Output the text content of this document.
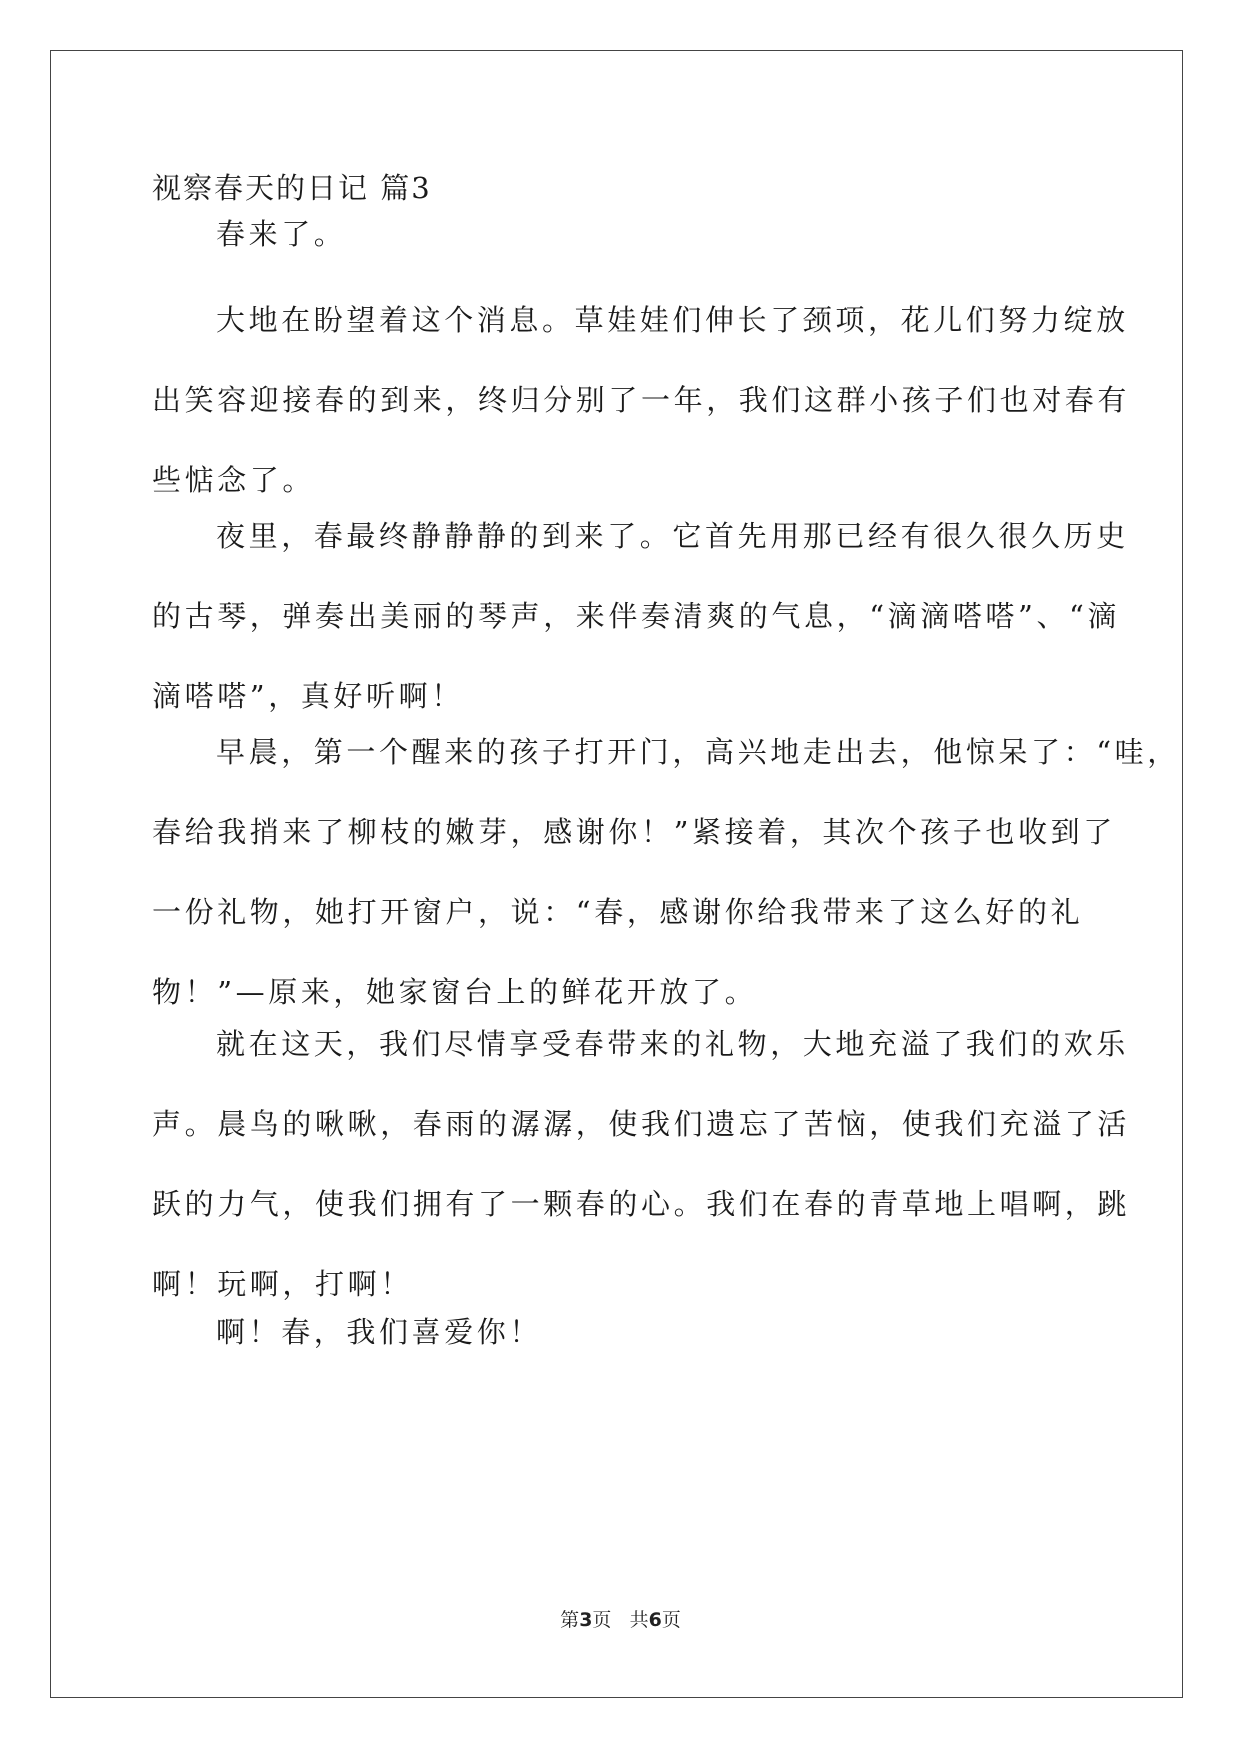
视察春天的日记 篇3

春来了。

大地在盼望着这个消息。草娃娃们伸长了颈项，花儿们努力绽放
出笑容迎接春的到来，终归分别了一年，我们这群小孩子们也对春有
些惦念了。

夜里，春最终静静静的到来了。它首先用那已经有很久很久历史
的古琴，弹奏出美丽的琴声，来伴奏清爽的气息，“滴滴嗒嗒”、“滴
滴嗒嗒”，真好听啊！

早晨，第一个醒来的孩子打开门，高兴地走出去，他惊呆了：“哇，
春给我捎来了柳枝的嫩芽，感谢你！”紧接着，其次个孩子也收到了
一份礼物，她打开窗户，说：“春，感谢你给我带来了这么好的礼
物！”—原来，她家窗台上的鲜花开放了。

就在这天，我们尽情享受春带来的礼物，大地充溢了我们的欢乐
声。晨鸟的啾啾，春雨的潺潺，使我们遗忘了苦恼，使我们充溢了活
跃的力气，使我们拥有了一颗春的心。我们在春的青草地上唱啊，跳
啊！玩啊，打啊！

啊！春，我们喜爱你！

第3页 共6页
